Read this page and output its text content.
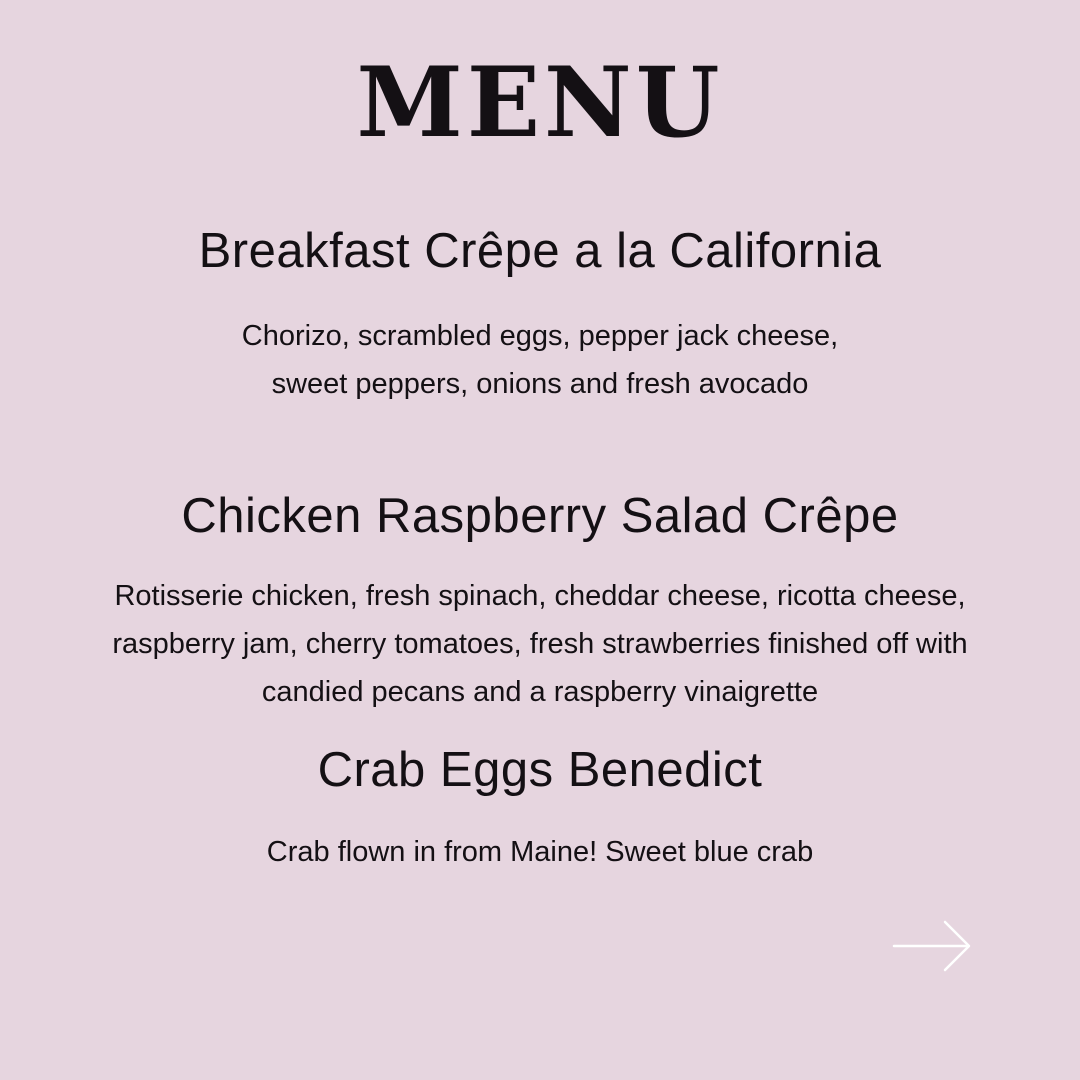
MENU
Breakfast Crêpe a la California
Chorizo, scrambled eggs, pepper jack cheese,
sweet peppers, onions and fresh avocado
Chicken Raspberry Salad Crêpe
Rotisserie chicken, fresh spinach, cheddar cheese, ricotta cheese,
raspberry jam, cherry tomatoes, fresh strawberries finished off with
candied pecans and a raspberry vinaigrette
Crab Eggs Benedict
Crab flown in from Maine! Sweet blue crab
